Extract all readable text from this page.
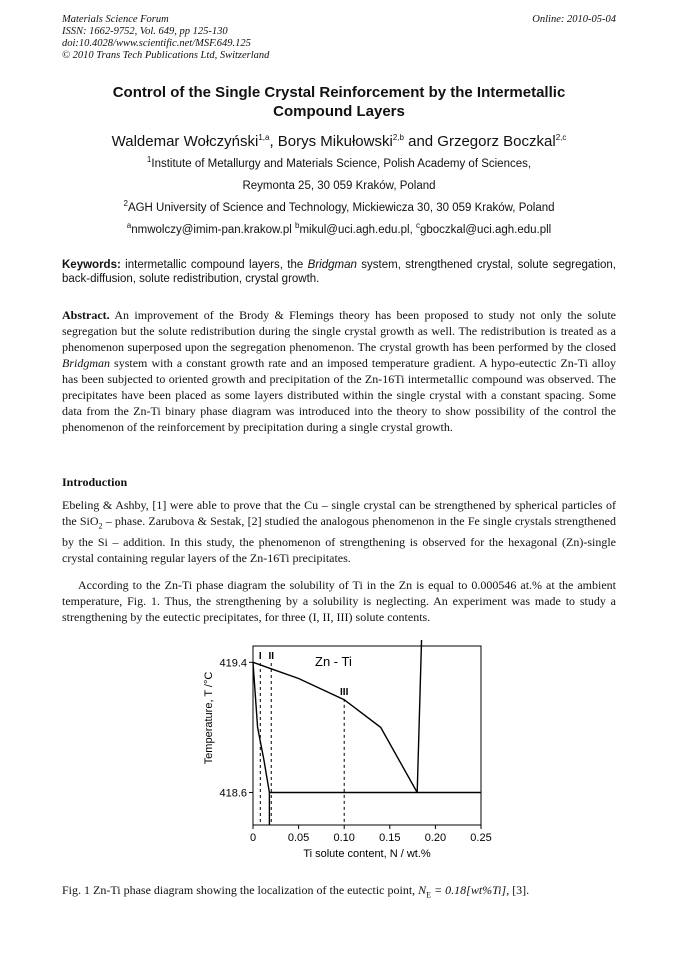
Materials Science Forum
ISSN: 1662-9752, Vol. 649, pp 125-130
doi:10.4028/www.scientific.net/MSF.649.125
© 2010 Trans Tech Publications Ltd, Switzerland
Online: 2010-05-04
Control of the Single Crystal Reinforcement by the Intermetallic
Compound Layers
Waldemar Wołczyński$^{1,a}$, Borys Mikułowski$^{2,b}$ and Grzegorz Boczkal$^{2,c}$
$^1$Institute of Metallurgy and Materials Science, Polish Academy of Sciences,
Reymonta 25, 30 059 Kraków, Poland
$^2$AGH University of Science and Technology, Mickiewicza 30, 30 059 Kraków, Poland
$^a$nmwolczy@imim-pan.krakow.pl $^b$mikul@uci.agh.edu.pl, $^c$gboczkal@uci.agh.edu.pll
Keywords: intermetallic compound layers, the Bridgman system, strengthened crystal, solute segregation, back-diffusion, solute redistribution, crystal growth.
Abstract. An improvement of the Brody & Flemings theory has been proposed to study not only the solute segregation but the solute redistribution during the single crystal growth as well. The redistribution is treated as a phenomenon superposed upon the segregation phenomenon. The crystal growth has been performed by the closed Bridgman system with a constant growth rate and an imposed temperature gradient. A hypo-eutectic Zn-Ti alloy has been subjected to oriented growth and precipitation of the Zn-16Ti intermetallic compound was observed. The precipitates have been placed as some layers distributed within the single crystal with a constant spacing. Some data from the Zn-Ti binary phase diagram was introduced into the theory to show possibility of the control the phenomenon of the reinforcement by precipitation during a single crystal growth.
Introduction
Ebeling & Ashby, [1] were able to prove that the Cu – single crystal can be strengthened by spherical particles of the SiO$_2$ – phase. Zarubova & Sestak, [2] studied the analogous phenomenon in the Fe single crystals strengthened by the Si – addition. In this study, the phenomenon of strengthening is observed for the hexagonal (Zn)-single crystal containing regular layers of the Zn-16Ti precipitates.
According to the Zn-Ti phase diagram the solubility of Ti in the Zn is equal to 0.000546 at.% at the ambient temperature, Fig. 1. Thus, the strengthening by a solubility is neglecting. An experiment was made to study a strengthening by the eutectic precipitates, for three (I, II, III) solute contents.
Temperature, T /°C
Ti solute content, N / wt.%
Zn - Ti
0	0.05 0.10 0.15 0.20 0.25
419.4
418.6
I II
III
Fig. 1 Zn-Ti phase diagram showing the localization of the eutectic point, $N_E = 0.18[wt\%Ti]$, [3].
